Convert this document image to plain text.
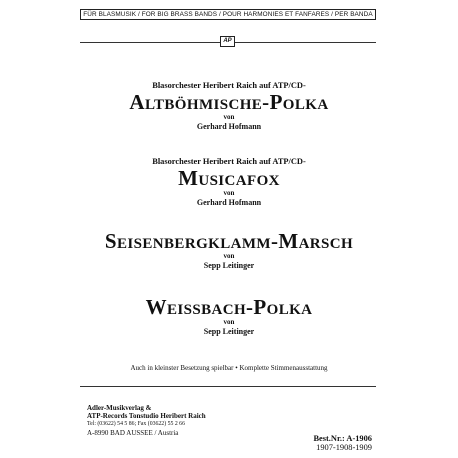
FÜR BLASMUSIK / FOR BIG BRASS BANDS / POUR HARMONIES ET FANFARES / PER BANDA
AP
Blasorchester Heribert Raich auf ATP/CD-
Altböhmische-Polka
von
Gerhard Hofmann
Blasorchester Heribert Raich auf ATP/CD-
Musicafox
von
Gerhard Hofmann
Seisenbergklamm-Marsch
von
Sepp Leitinger
Weissbach-Polka
von
Sepp Leitinger
Auch in kleinster Besetzung spielbar • Komplette Stimmenausstattung
Adler-Musikverlag &
ATP-Records Tonstudio Heribert Raich
Tel: (03622) 54 5 86; Fax (03622) 55 2 66
A-8990 BAD AUSSEE / Austria
Best.Nr.: A-1906
1907-1908-1909
